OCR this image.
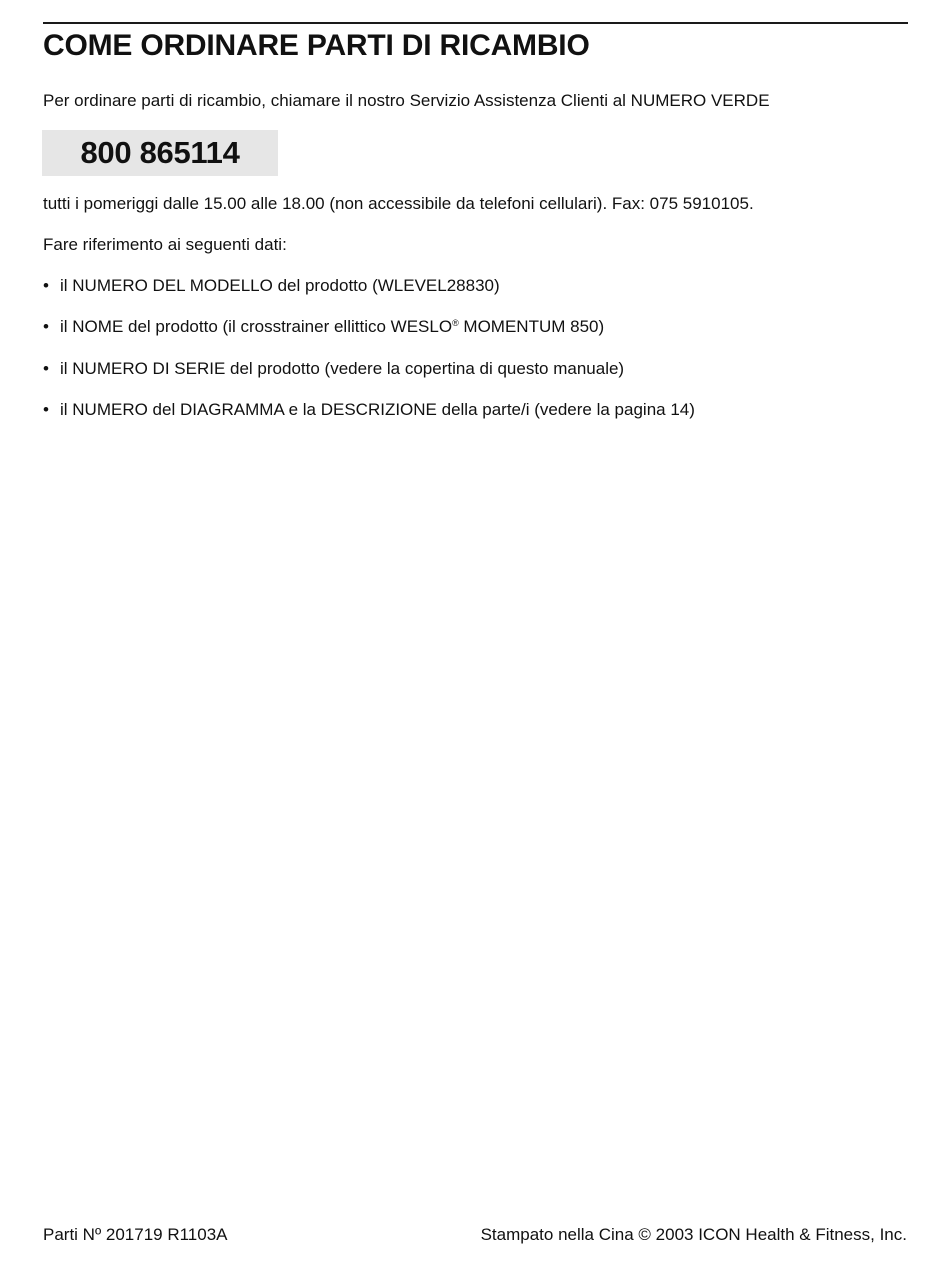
COME ORDINARE PARTI DI RICAMBIO

Per ordinare parti di ricambio, chiamare il nostro Servizio Assistenza Clienti al NUMERO VERDE

800 865114

tutti i pomeriggi dalle 15.00 alle 18.00 (non accessibile da telefoni cellulari). Fax: 075 5910105.

Fare riferimento ai seguenti dati:

• il NUMERO DEL MODELLO del prodotto (WLEVEL28830)
• il NOME del prodotto (il crosstrainer ellittico WESLO® MOMENTUM 850)
• il NUMERO DI SERIE del prodotto (vedere la copertina di questo manuale)
• il NUMERO del DIAGRAMMA e la DESCRIZIONE della parte/i (vedere la pagina 14)

Parti Nº 201719 R1103A	Stampato nella Cina © 2003 ICON Health & Fitness, Inc.
